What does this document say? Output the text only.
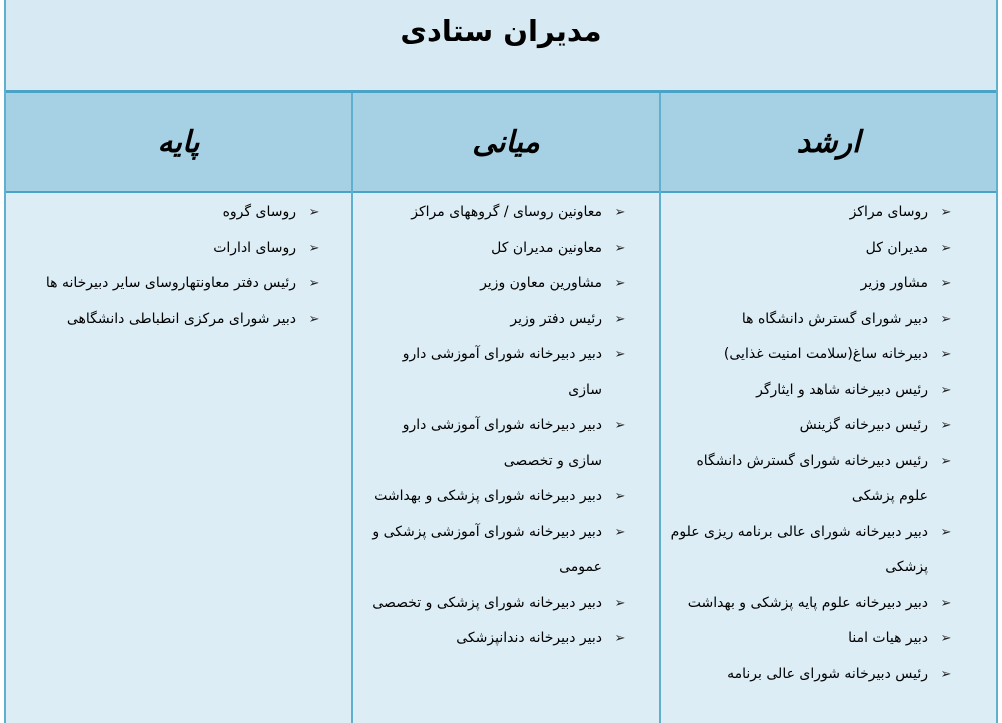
مدیران ستادی
ارشد
میانی
پایه
➢
روسای مراکز
➢
مدیران کل
➢
مشاور وزیر
➢
دبیر شورای گسترش دانشگاه ها
➢
دبیرخانه ساغ(سلامت امنیت غذایی)
➢
رئیس دبیرخانه شاهد و ایثارگر
➢
رئیس دبیرخانه گزینش
➢
رئیس دبیرخانه شورای گسترش دانشگاه علوم پزشکی
➢
دبیر دبیرخانه شورای عالی برنامه ریزی علوم پزشکی
➢
دبیر دبیرخانه علوم پایه پزشکی و بهداشت
➢
دبیر هیات امنا
➢
رئیس دبیرخانه شورای عالی برنامه
➢
معاونین روسای / گروههای مراکز
➢
معاونین مدیران کل
➢
مشاورین معاون وزیر
➢
رئیس دفتر وزیر
➢
دبیر دبیرخانه شورای آموزشی دارو سازی
➢
دبیر دبیرخانه شورای آموزشی دارو سازی و تخصصی
➢
دبیر دبیرخانه شورای پزشکی و بهداشت
➢
دبیر دبیرخانه شورای آموزشی پزشکی و عمومی
➢
دبیر دبیرخانه شورای پزشکی و تخصصی
➢
دبیر دبیرخانه دندانپزشکی
➢
روسای گروه
➢
روسای ادارات
➢
رئیس دفتر معاونتهاروسای سایر دبیرخانه ها
➢
دبیر شورای مرکزی انطباطی دانشگاهی
